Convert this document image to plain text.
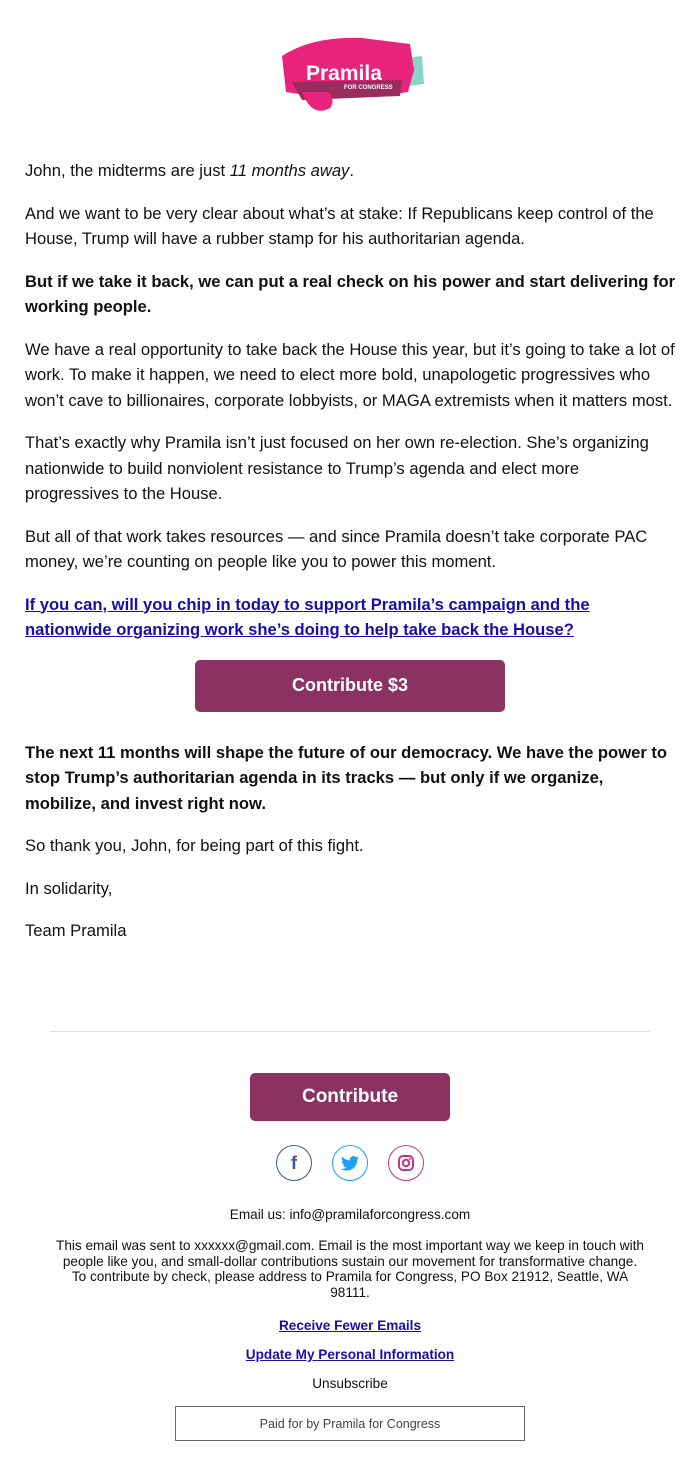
Pramila
FOR CONGRESS

John, the midterms are just 11 months away.

And we want to be very clear about what’s at stake: If Republicans keep control of the House, Trump will have a rubber stamp for his authoritarian agenda.

But if we take it back, we can put a real check on his power and start delivering for working people.

We have a real opportunity to take back the House this year, but it’s going to take a lot of work. To make it happen, we need to elect more bold, unapologetic progressives who won’t cave to billionaires, corporate lobbyists, or MAGA extremists when it matters most.

That’s exactly why Pramila isn’t just focused on her own re-election. She’s organizing nationwide to build nonviolent resistance to Trump’s agenda and elect more progressives to the House.

But all of that work takes resources — and since Pramila doesn’t take corporate PAC money, we’re counting on people like you to power this moment.

If you can, will you chip in today to support Pramila’s campaign and the nationwide organizing work she’s doing to help take back the House?

Contribute $3

The next 11 months will shape the future of our democracy. We have the power to stop Trump’s authoritarian agenda in its tracks — but only if we organize, mobilize, and invest right now.

So thank you, John, for being part of this fight.

In solidarity,

Team Pramila

Contribute
f
Email us: info@pramilaforcongress.com
This email was sent to xxxxxx@gmail.com. Email is the most important way we keep in touch with people like you, and small-dollar contributions sustain our movement for transformative change. To contribute by check, please address to Pramila for Congress, PO Box 21912, Seattle, WA 98111.
Receive Fewer Emails
Update My Personal Information
Unsubscribe
Paid for by Pramila for Congress
